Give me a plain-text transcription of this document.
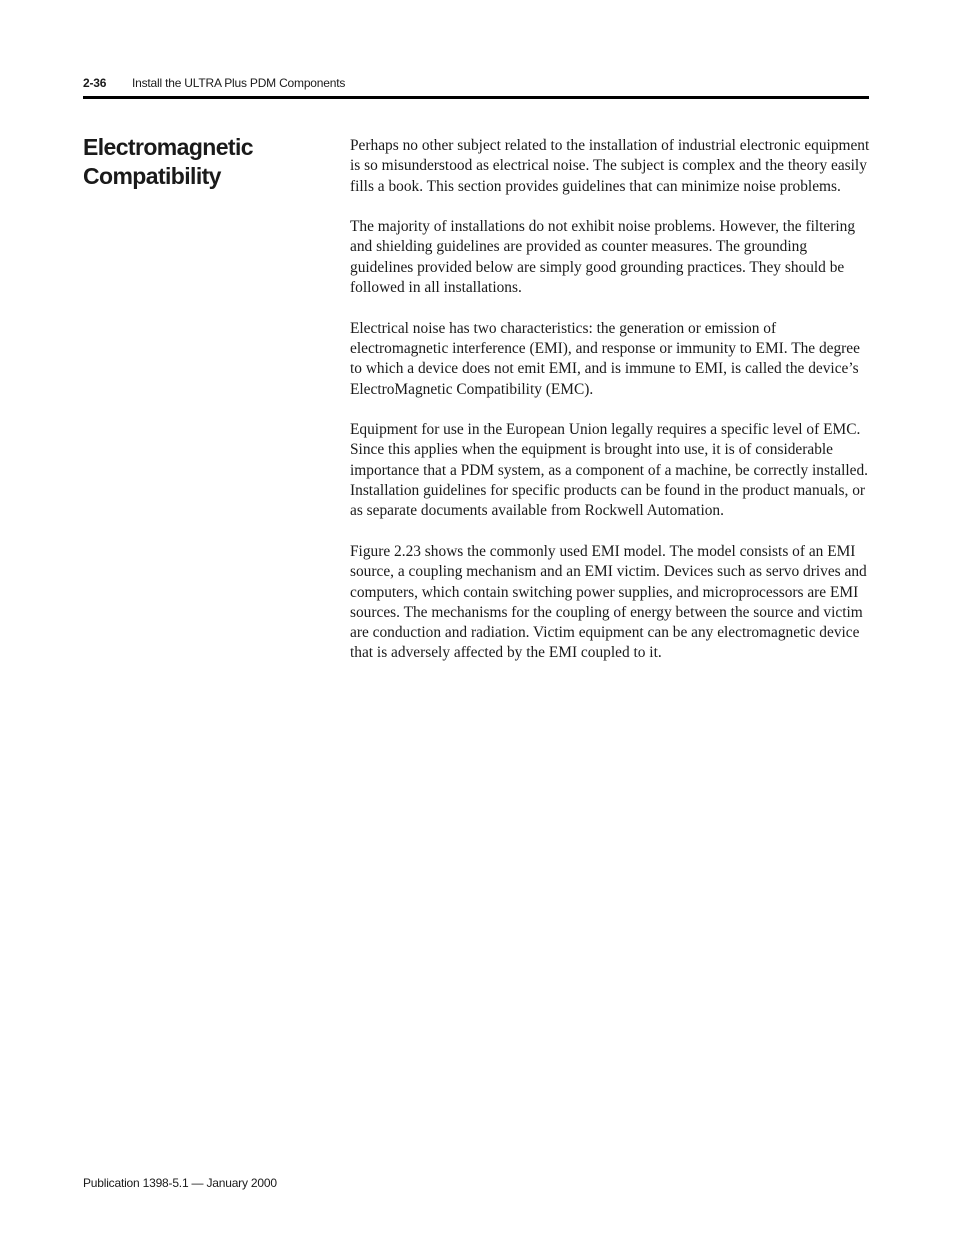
2-36 Install the ULTRA Plus PDM Components
Electromagnetic
Compatibility

Perhaps no other subject related to the installation of industrial electronic equipment is so misunderstood as electrical noise. The subject is complex and the theory easily fills a book. This section provides guidelines that can minimize noise problems.

The majority of installations do not exhibit noise problems. However, the filtering and shielding guidelines are provided as counter measures. The grounding guidelines provided below are simply good grounding practices. They should be followed in all installations.

Electrical noise has two characteristics: the generation or emission of electromagnetic interference (EMI), and response or immunity to EMI. The degree to which a device does not emit EMI, and is immune to EMI, is called the device’s ElectroMagnetic Compatibility (EMC).

Equipment for use in the European Union legally requires a specific level of EMC. Since this applies when the equipment is brought into use, it is of considerable importance that a PDM system, as a component of a machine, be correctly installed. Installation guidelines for specific products can be found in the product manuals, or as separate documents available from Rockwell Automation.

Figure 2.23 shows the commonly used EMI model. The model consists of an EMI source, a coupling mechanism and an EMI victim. Devices such as servo drives and computers, which contain switching power supplies, and microprocessors are EMI sources. The mechanisms for the coupling of energy between the source and victim are conduction and radiation. Victim equipment can be any electromagnetic device that is adversely affected by the EMI coupled to it.

Publication 1398-5.1 — January 2000
